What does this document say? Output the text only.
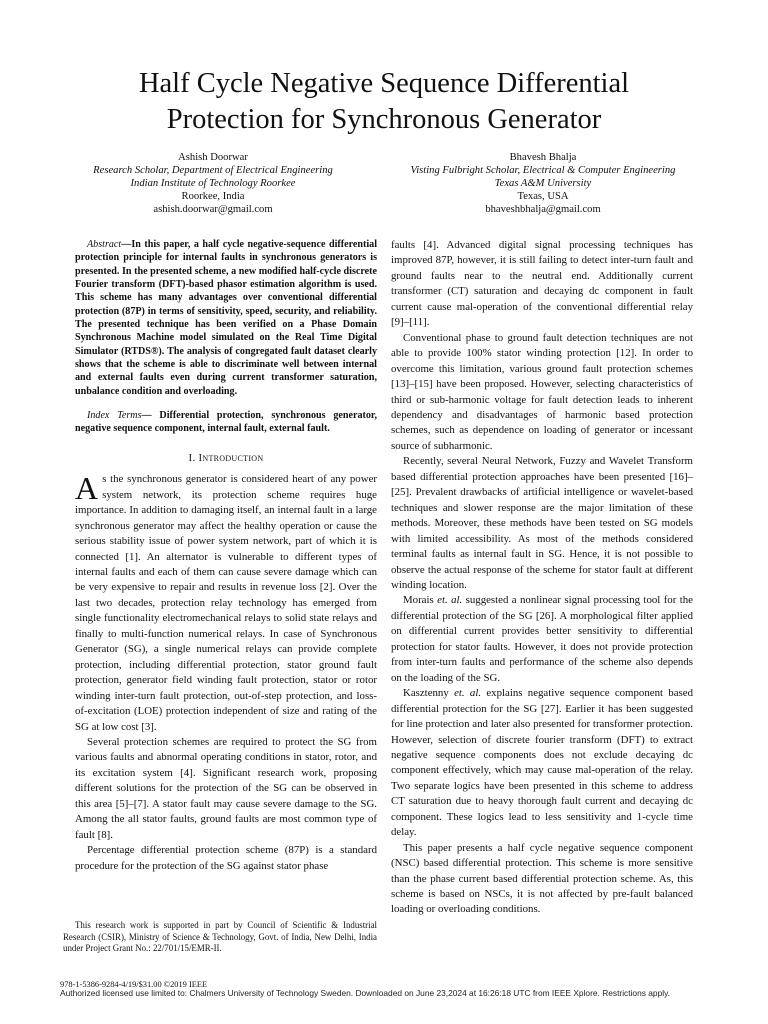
Half Cycle Negative Sequence Differential
Protection for Synchronous Generator
Ashish Doorwar
Research Scholar, Department of Electrical Engineering
Indian Institute of Technology Roorkee
Roorkee, India
ashish.doorwar@gmail.com
Bhavesh Bhalja
Visting Fulbright Scholar, Electrical & Computer Engineering
Texas A&M University
Texas, USA
bhaveshbhalja@gmail.com

Abstract—In this paper, a half cycle negative-sequence differential protection principle for internal faults in synchronous generators is presented. In the presented scheme, a new modified half-cycle discrete Fourier transform (DFT)-based phasor estimation algorithm is used. This scheme has many advantages over conventional differential protection (87P) in terms of sensitivity, speed, security, and reliability. The presented technique has been verified on a Phase Domain Synchronous Machine model simulated on the Real Time Digital Simulator (RTDS®). The analysis of congregated fault dataset clearly shows that the scheme is able to discriminate well between internal and external faults even during current transformer saturation, unbalance condition and overloading.

Index Terms— Differential protection, synchronous generator, negative sequence component, internal fault, external fault.

I. Introduction

As the synchronous generator is considered heart of any power system network, its protection scheme requires huge importance. In addition to damaging itself, an internal fault in a large synchronous generator may affect the healthy operation or cause the serious stability issue of power system network, part of which it is connected [1]. An alternator is vulnerable to different types of internal faults and each of them can cause severe damage which can be very expensive to repair and results in revenue loss [2]. Over the last two decades, protection relay technology has emerged from single functionality electromechanical relays to solid state relays and finally to multi-function numerical relays. In case of Synchronous Generator (SG), a single numerical relays can provide complete protection, including differential protection, stator ground fault protection, generator field winding fault protection, stator or rotor winding inter-turn fault protection, out-of-step protection, and loss-of-excitation (LOE) protection independent of size and rating of the SG at low cost [3].

Several protection schemes are required to protect the SG from various faults and abnormal operating conditions in stator, rotor, and its excitation system [4]. Significant research work, proposing different solutions for the protection of the SG can be observed in this area [5]–[7]. A stator fault may cause severe damage to the SG. Among the all stator faults, ground faults are most common type of fault [8].

Percentage differential protection scheme (87P) is a standard procedure for the protection of the SG against stator phase

faults [4]. Advanced digital signal processing techniques has improved 87P, however, it is still failing to detect inter-turn fault and ground faults near to the neutral end. Additionally current transformer (CT) saturation and decaying dc component in fault current cause mal-operation of the conventional differential relay [9]–[11].

Conventional phase to ground fault detection techniques are not able to provide 100% stator winding protection [12]. In order to overcome this limitation, various ground fault protection schemes [13]–[15] have been proposed. However, selecting characteristics of third or sub-harmonic voltage for fault detection leads to inherent dependency and disadvantages of harmonic based protection schemes, such as dependence on loading of generator or incessant source of subharmonic.

Recently, several Neural Network, Fuzzy and Wavelet Transform based differential protection approaches have been presented [16]–[25]. Prevalent drawbacks of artificial intelligence or wavelet-based techniques and slower response are the major limitation of these methods. Moreover, these methods have been tested on SG models with limited accessibility. As most of the methods considered terminal faults as internal fault in SG. Hence, it is not possible to observe the actual response of the scheme for stator fault at different winding location.

Morais et. al. suggested a nonlinear signal processing tool for the differential protection of the SG [26]. A morphological filter applied on differential current provides better sensitivity to differential protection for stator faults. However, it does not provide protection from inter-turn faults and performance of the scheme also depends on the loading of the SG.

Kasztenny et. al. explains negative sequence component based differential protection for the SG [27]. Earlier it has been suggested for line protection and later also presented for transformer protection. However, selection of discrete fourier transform (DFT) to extract negative sequence components does not exclude decaying dc component effectively, which may cause mal-operation of the relay. Two separate logics have been presented in this scheme to address CT saturation due to heavy thorough fault current and decaying dc component. These logics lead to less sensitivity and 1-cycle time delay.

This paper presents a half cycle negative sequence component (NSC) based differential protection. This scheme is more sensitive than the phase current based differential protection scheme. As, this scheme is based on NSCs, it is not affected by pre-fault balanced loading or overloading conditions.

This research work is supported in part by Council of Scientific & Industrial Research (CSIR), Ministry of Science & Technology, Govt. of India, New Delhi, India under Project Grant No.: 22/701/15/EMR-II.
978-1-5386-9284-4/19/$31.00 ©2019 IEEE
Authorized licensed use limited to: Chalmers University of Technology Sweden. Downloaded on June 23,2024 at 16:26:18 UTC from IEEE Xplore. Restrictions apply.
